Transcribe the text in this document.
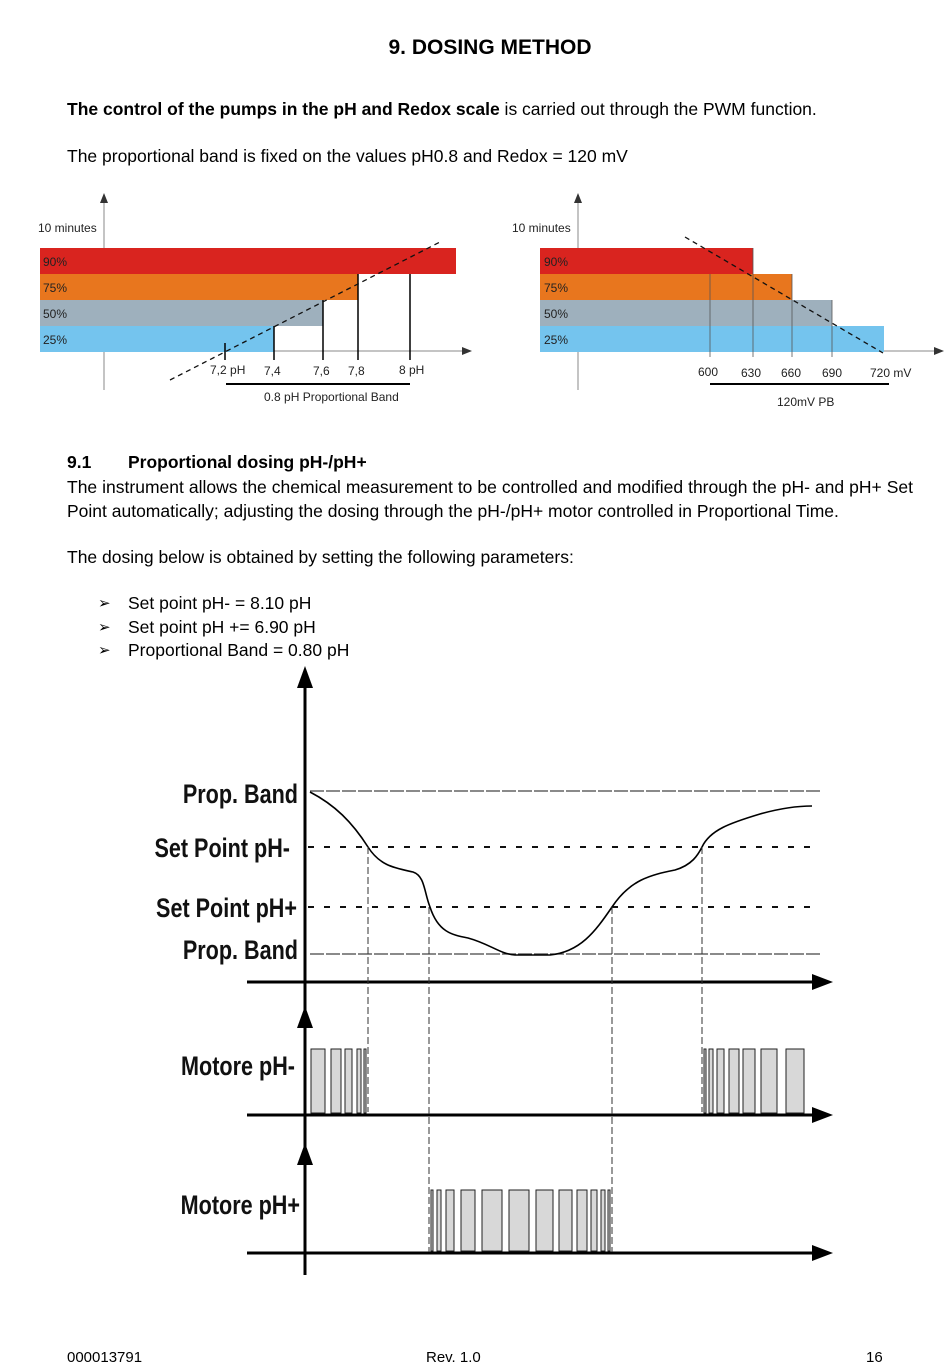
9. DOSING METHOD

The control of the pumps in the pH and Redox scale is carried out through the PWM function.

The proportional band is fixed on the values pH0.8 and Redox = 120 mV

10 minutes
90%
75%
50%
25%
7,2 pH 7,4	7,6 7,8	8 pH
0.8 pH Proportional Band
10 minutes
90%
75%
50%
25%
600 630 660 690 720 mV
120mV PB
9.1 Proportional dosing pH-/pH+

The instrument allows the chemical measurement to be controlled and modified through the pH- and pH+ Set Point automatically; adjusting the dosing through the pH-/pH+ motor controlled in Proportional Time.

The dosing below is obtained by setting the following parameters:

➢ Set point pH- = 8.10 pH
➢ Set point pH += 6.90 pH
➢ Proportional Band = 0.80 pH
Prop. Band
Set Point pH-
Set Point pH+
Prop. Band
Motore pH-
Motore pH+
000013791	Rev. 1.0	16
